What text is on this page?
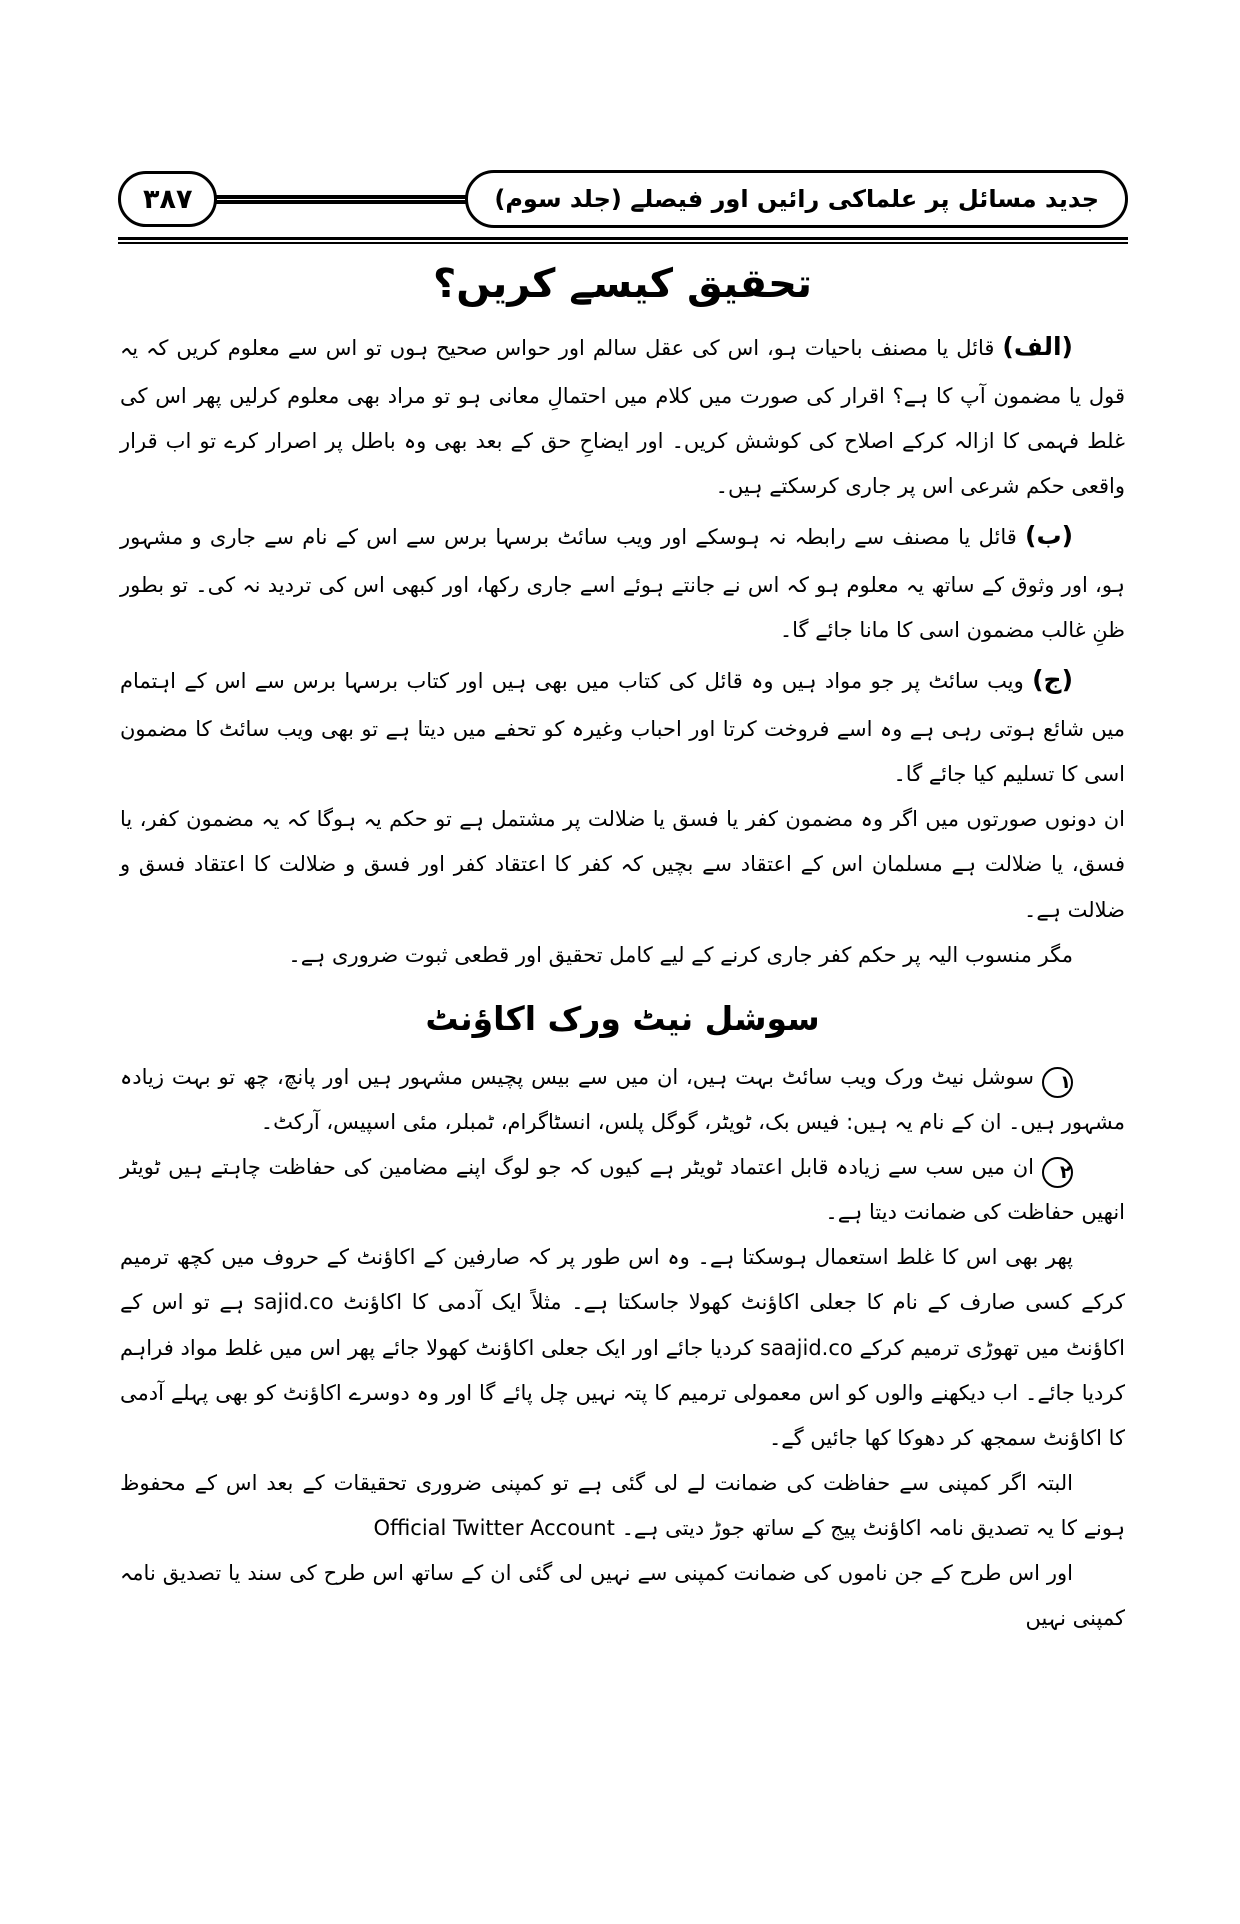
۳۸۷	جدید مسائل پر علماکی رائیں اور فیصلے (جلد سوم)
تحقیق کیسے کریں؟

(الف) قائل یا مصنف باحیات ہو، اس کی عقل سالم اور حواس صحیح ہوں تو اس سے معلوم کریں کہ یہ قول یا مضمون آپ کا ہے؟ اقرار کی صورت میں کلام میں احتمالِ معانی ہو تو مراد بھی معلوم کرلیں پھر اس کی غلط فہمی کا ازالہ کرکے اصلاح کی کوشش کریں۔ اور ایضاحِ حق کے بعد بھی وہ باطل پر اصرار کرے تو اب قرار واقعی حکم شرعی اس پر جاری کرسکتے ہیں۔

(ب) قائل یا مصنف سے رابطہ نہ ہوسکے اور ویب سائٹ برسہا برس سے اس کے نام سے جاری و مشہور ہو، اور وثوق کے ساتھ یہ معلوم ہو کہ اس نے جانتے ہوئے اسے جاری رکھا، اور کبھی اس کی تردید نہ کی۔ تو بطور ظنِ غالب مضمون اسی کا مانا جائے گا۔

(ج) ویب سائٹ پر جو مواد ہیں وہ قائل کی کتاب میں بھی ہیں اور کتاب برسہا برس سے اس کے اہتمام میں شائع ہوتی رہی ہے وہ اسے فروخت کرتا اور احباب وغیرہ کو تحفے میں دیتا ہے تو بھی ویب سائٹ کا مضمون اسی کا تسلیم کیا جائے گا۔

ان دونوں صورتوں میں اگر وہ مضمون کفر یا فسق یا ضلالت پر مشتمل ہے تو حکم یہ ہوگا کہ یہ مضمون کفر، یا فسق، یا ضلالت ہے مسلمان اس کے اعتقاد سے بچیں کہ کفر کا اعتقاد کفر اور فسق و ضلالت کا اعتقاد فسق و ضلالت ہے۔

مگر منسوب الیہ پر حکم کفر جاری کرنے کے لیے کامل تحقیق اور قطعی ثبوت ضروری ہے۔

سوشل نیٹ ورک اکاؤنٹ

۱سوشل نیٹ ورک ویب سائٹ بہت ہیں، ان میں سے بیس پچیس مشہور ہیں اور پانچ، چھ تو بہت زیادہ مشہور ہیں۔ ان کے نام یہ ہیں: فیس بک، ٹویٹر، گوگل پلس، انسٹاگرام، ٹمبلر، مئی اسپیس، آرکٹ۔

۲ان میں سب سے زیادہ قابل اعتماد ٹویٹر ہے کیوں کہ جو لوگ اپنے مضامین کی حفاظت چاہتے ہیں ٹویٹر انھیں حفاظت کی ضمانت دیتا ہے۔

پھر بھی اس کا غلط استعمال ہوسکتا ہے۔ وہ اس طور پر کہ صارفین کے اکاؤنٹ کے حروف میں کچھ ترمیم کرکے کسی صارف کے نام کا جعلی اکاؤنٹ کھولا جاسکتا ہے۔ مثلاً ایک آدمی کا اکاؤنٹ sajid.co ہے تو اس کے اکاؤنٹ میں تھوڑی ترمیم کرکے saajid.co کردیا جائے اور ایک جعلی اکاؤنٹ کھولا جائے پھر اس میں غلط مواد فراہم کردیا جائے۔ اب دیکھنے والوں کو اس معمولی ترمیم کا پتہ نہیں چل پائے گا اور وہ دوسرے اکاؤنٹ کو بھی پہلے آدمی کا اکاؤنٹ سمجھ کر دھوکا کھا جائیں گے۔

البتہ اگر کمپنی سے حفاظت کی ضمانت لے لی گئی ہے تو کمپنی ضروری تحقیقات کے بعد اس کے محفوظ ہونے کا یہ تصدیق نامہ اکاؤنٹ پیج کے ساتھ جوڑ دیتی ہے۔ Official Twitter Account

اور اس طرح کے جن ناموں کی ضمانت کمپنی سے نہیں لی گئی ان کے ساتھ اس طرح کی سند یا تصدیق نامہ کمپنی نہیں
